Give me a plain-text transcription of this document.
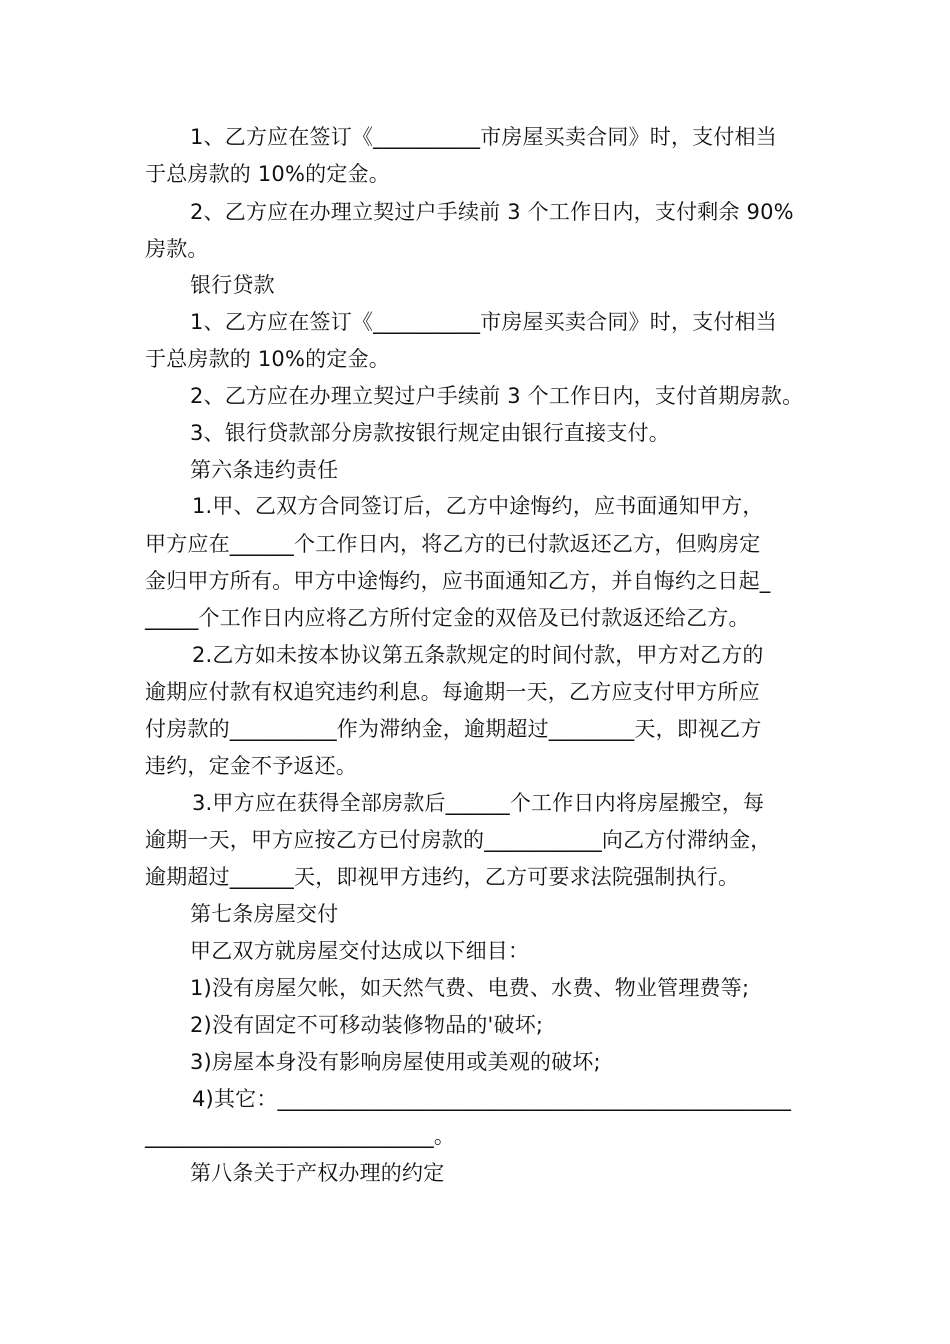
1、乙方应在签订《__________市房屋买卖合同》时，支付相当
于总房款的 10%的定金。
2、乙方应在办理立契过户手续前 3 个工作日内，支付剩余 90%
房款。
银行贷款
1、乙方应在签订《__________市房屋买卖合同》时，支付相当
于总房款的 10%的定金。
2、乙方应在办理立契过户手续前 3 个工作日内，支付首期房款。
3、银行贷款部分房款按银行规定由银行直接支付。
第六条违约责任
1.甲、乙双方合同签订后，乙方中途悔约，应书面通知甲方，
甲方应在______个工作日内，将乙方的已付款返还乙方，但购房定
金归甲方所有。甲方中途悔约，应书面通知乙方，并自悔约之日起_
_____个工作日内应将乙方所付定金的双倍及已付款返还给乙方。
2.乙方如未按本协议第五条款规定的时间付款，甲方对乙方的
逾期应付款有权追究违约利息。每逾期一天，乙方应支付甲方所应
付房款的__________作为滞纳金，逾期超过________天，即视乙方
违约，定金不予返还。
3.甲方应在获得全部房款后______个工作日内将房屋搬空，每
逾期一天，甲方应按乙方已付房款的___________向乙方付滞纳金，
逾期超过______天，即视甲方违约，乙方可要求法院强制执行。
第七条房屋交付
甲乙双方就房屋交付达成以下细目：
1)没有房屋欠帐，如天然气费、电费、水费、物业管理费等;
2)没有固定不可移动装修物品的'破坏;
3)房屋本身没有影响房屋使用或美观的破坏;
4)其它：________________________________________________
___________________________。
第八条关于产权办理的约定
